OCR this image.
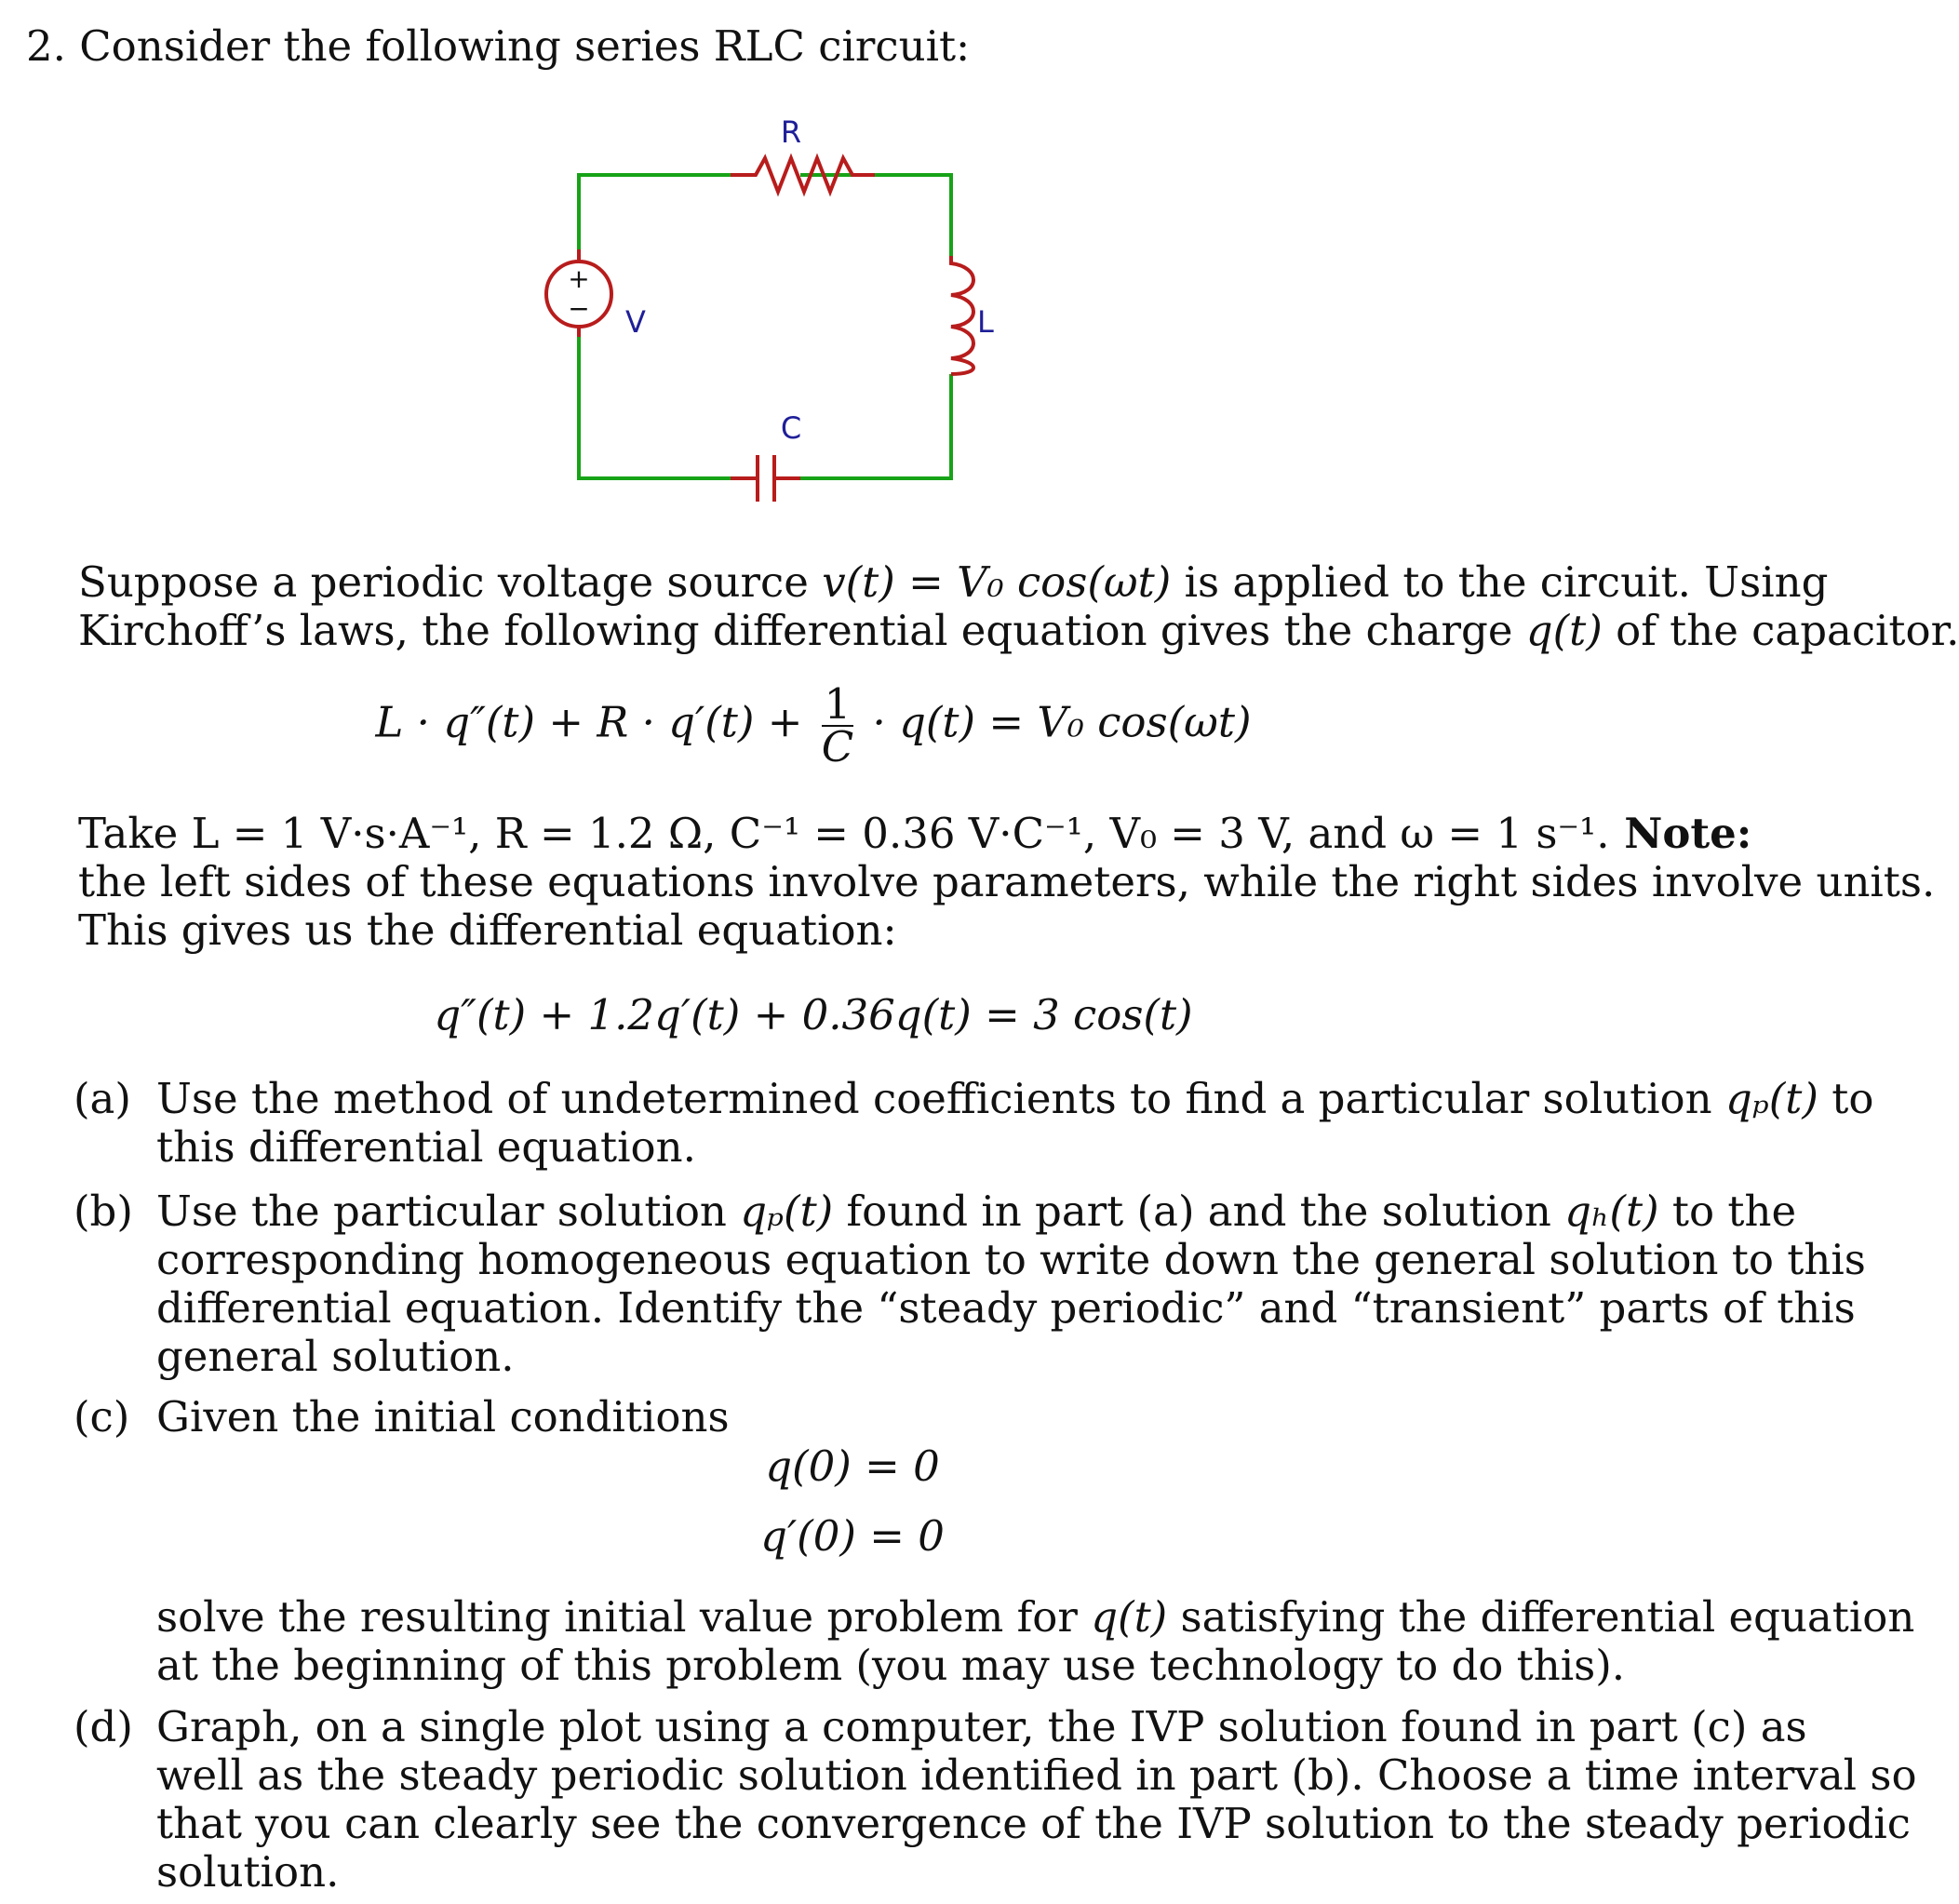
2. Consider the following series RLC circuit:
+
−
R
L
C
V
Suppose a periodic voltage source v(t) = V₀ cos(ωt) is applied to the circuit. Using
Kirchoff’s laws, the following differential equation gives the charge q(t) of the capacitor.
$L \cdot q''(t) + R \cdot q'(t) + \frac{1}{C} \cdot q(t) = V_0$ cos(ωt)
Take L = 1 V·s·A⁻¹, R = 1.2 Ω, C⁻¹ = 0.36 V·C⁻¹, V₀ = 3 V, and ω = 1 s⁻¹. Note:
the left sides of these equations involve parameters, while the right sides involve units.
This gives us the differential equation:
q″(t) + 1.2q′(t) + 0.36q(t) = 3 cos(t)
(a) Use the method of undetermined coefficients to find a particular solution qₚ(t) to
this differential equation.
(b) Use the particular solution qₚ(t) found in part (a) and the solution qₕ(t) to the
corresponding homogeneous equation to write down the general solution to this
differential equation. Identify the “steady periodic” and “transient” parts of this
general solution.
(c) Given the initial conditions
q(0) = 0
q′(0) = 0
solve the resulting initial value problem for q(t) satisfying the differential equation
at the beginning of this problem (you may use technology to do this).
(d) Graph, on a single plot using a computer, the IVP solution found in part (c) as
well as the steady periodic solution identified in part (b). Choose a time interval so
that you can clearly see the convergence of the IVP solution to the steady periodic
solution.
